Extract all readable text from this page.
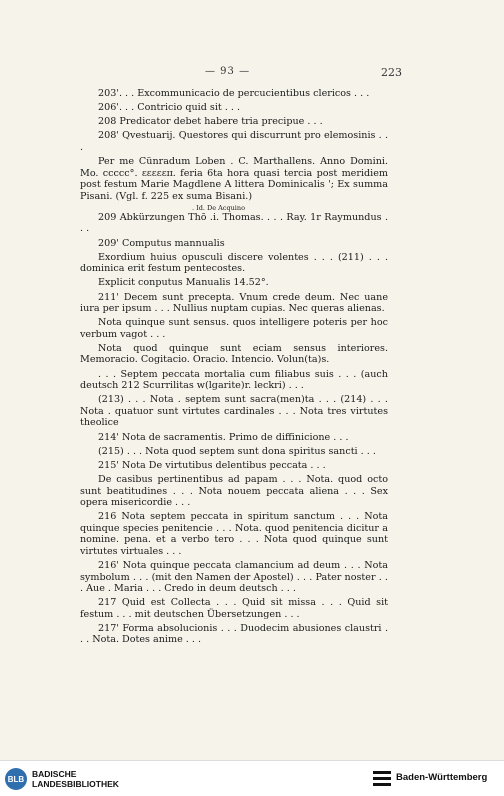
— 93 —	223

203'. . . Excommunicacio de percucientibus clericos . . .

206'. . . Contricio quid sit . . .

208 Predicator debet habere tria precipue . . .

208' Qvestuarij. Questores qui discurrunt pro elemosinis . . .

Per me Cünradum Loben . C. Marthallens. Anno Domini. Mo. ccccc°. ɛɛɛɛɛɪɪ. feria 6ta hora quasi tercia post meridiem post festum Marie Magdlene A littera Dominicalis '; Ex summa Pisani. (Vgl. f. 225 ex suma Bisani.)

. Id. De Acquino

209 Abkürzungen Thō .i. Thomas. . . . Ray. 1r Raymundus . . .

209' Computus mannualis

Exordium huius opusculi discere volentes . . . (211) . . . dominica erit festum pentecostes.

Explicit conputus Manualis 14.52°.

211' Decem sunt precepta. Vnum crede deum. Nec uane iura per ipsum . . . Nullius nuptam cupias. Nec queras alienas.

Nota quinque sunt sensus. quos intelligere poteris per hoc verbum vagot . . .

Nota quod quinque sunt eciam sensus interiores. Memoracio. Cogitacio. Oracio. Intencio. Volun(ta)s.

. . . Septem peccata mortalia cum filiabus suis . . . (auch deutsch 212 Scurrilitas w(lgarite)r. leckri) . . .

(213) . . . Nota . septem sunt sacra(men)ta . . . (214) . . . Nota . quatuor sunt virtutes cardinales . . . Nota tres virtutes theolice

214' Nota de sacramentis. Primo de diffinicione . . .

(215) . . . Nota quod septem sunt dona spiritus sancti . . .

215' Nota De virtutibus delentibus peccata . . .

De casibus pertinentibus ad papam . . . Nota. quod octo sunt beatitudines . . . Nota nouem peccata aliena . . . Sex opera misericordie . . .

216 Nota septem peccata in spiritum sanctum . . . Nota quinque species penitencie . . . Nota. quod penitencia dicitur a nomine. pena. et a verbo tero . . . Nota quod quinque sunt virtutes virtuales . . .

216' Nota quinque peccata clamancium ad deum . . . Nota symbolum . . . (mit den Namen der Apostel) . . . Pater noster . . . Aue . Maria . . . Credo in deum deutsch . . .

217 Quid est Collecta . . . Quid sit missa . . . Quid sit festum . . . mit deutschen Übersetzungen . . .

217' Forma absolucionis . . . Duodecim abusiones claustri . . . Nota. Dotes anime . . .

BLB BADISCHE
LANDESBIBLIOTHEK
Baden-Württemberg
